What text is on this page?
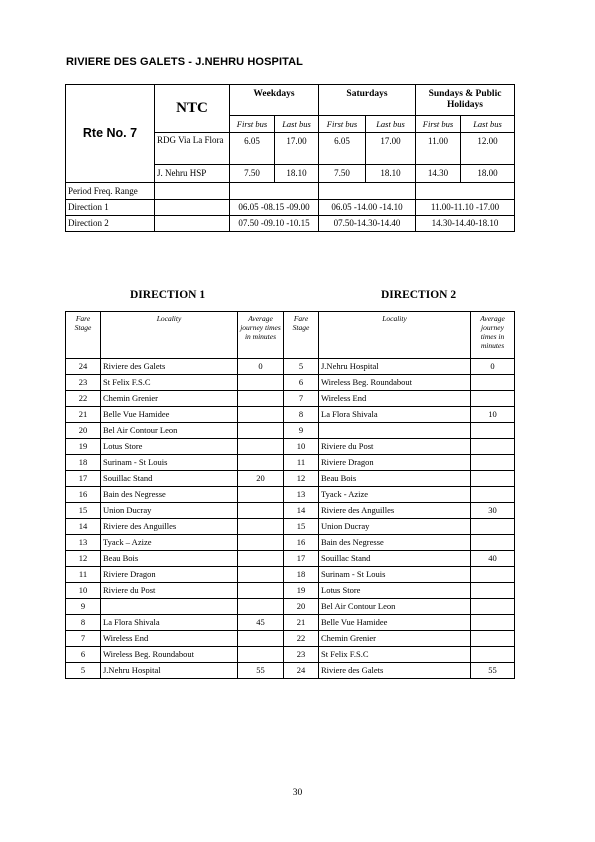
RIVIERE DES GALETS - J.NEHRU HOSPITAL
Rte No. 7	NTC	Weekdays		Saturdays		Sundays & Public Holidays	
		First bus	Last bus	First bus	Last bus	First bus	Last bus
	RDG Via La Flora	6.05	17.00	6.05	17.00	11.00	12.00
	J. Nehru HSP	7.50	18.10	7.50	18.10	14.30	18.00
Period Freq. Range							
Direction 1		06.05 -08.15 -09.00		06.05 -14.00 -14.10		11.00-11.10 -17.00	
Direction 2		07.50 -09.10 -10.15		07.50-14.30-14.40		14.30-14.40-18.10	
DIRECTION 1	DIRECTION 2
Fare Stage	Locality	Average journey times in minutes	Fare Stage	Locality	Average journey times in minutes
24	Riviere des Galets	0	5	J.Nehru Hospital	0
23	St Felix F.S.C		6	Wireless Beg. Roundabout	
22	Chemin Grenier		7	Wireless End	
21	Belle Vue Hamidee		8	La Flora Shivala	10
20	Bel Air Contour Leon		9		
19	Lotus Store		10	Riviere du Post	
18	Surinam - St Louis		11	Riviere Dragon	
17	Souillac Stand	20	12	Beau Bois	
16	Bain des Negresse		13	Tyack - Azize	
15	Union Ducray		14	Riviere des Anguilles	30
14	Riviere des Anguilles		15	Union Ducray	
13	Tyack – Azize		16	Bain des Negresse	
12	Beau Bois		17	Souillac Stand	40
11	Riviere Dragon		18	Surinam - St Louis	
10	Riviere du Post		19	Lotus Store	
9			20	Bel Air Contour Leon	
8	La Flora Shivala	45	21	Belle Vue Hamidee	
7	Wireless End		22	Chemin Grenier	
6	Wireless Beg. Roundabout		23	St Felix F.S.C	
5	J.Nehru Hospital	55	24	Riviere des Galets	55
30
